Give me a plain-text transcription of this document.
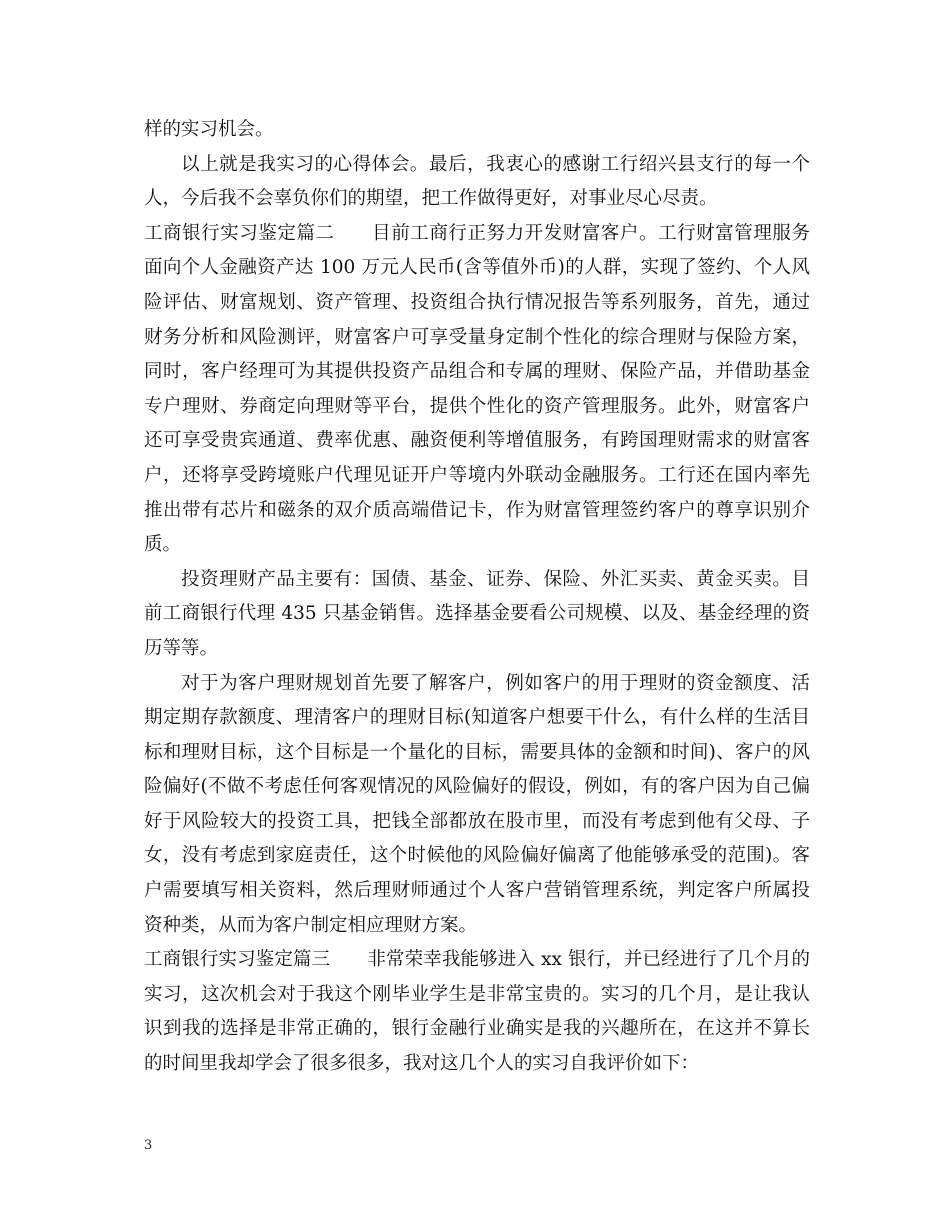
样的实习机会。
以上就是我实习的心得体会。最后，我衷心的感谢工行绍兴县支行的每一个
人，今后我不会辜负你们的期望，把工作做得更好，对事业尽心尽责。
工商银行实习鉴定篇二 目前工商行正努力开发财富客户。工行财富管理服务
面向个人金融资产达 100 万元人民币(含等值外币)的人群，实现了签约、个人风
险评估、财富规划、资产管理、投资组合执行情况报告等系列服务，首先，通过
财务分析和风险测评，财富客户可享受量身定制个性化的综合理财与保险方案，
同时，客户经理可为其提供投资产品组合和专属的理财、保险产品，并借助基金
专户理财、券商定向理财等平台，提供个性化的资产管理服务。此外，财富客户
还可享受贵宾通道、费率优惠、融资便利等增值服务，有跨国理财需求的财富客
户，还将享受跨境账户代理见证开户等境内外联动金融服务。工行还在国内率先
推出带有芯片和磁条的双介质高端借记卡，作为财富管理签约客户的尊享识别介
质。
投资理财产品主要有：国债、基金、证券、保险、外汇买卖、黄金买卖。目
前工商银行代理 435 只基金销售。选择基金要看公司规模、以及、基金经理的资
历等等。
对于为客户理财规划首先要了解客户，例如客户的用于理财的资金额度、活
期定期存款额度、理清客户的理财目标(知道客户想要干什么，有什么样的生活目
标和理财目标，这个目标是一个量化的目标，需要具体的金额和时间)、客户的风
险偏好(不做不考虑任何客观情况的风险偏好的假设，例如，有的客户因为自己偏
好于风险较大的投资工具，把钱全部都放在股市里，而没有考虑到他有父母、子
女，没有考虑到家庭责任，这个时候他的风险偏好偏离了他能够承受的范围)。客
户需要填写相关资料，然后理财师通过个人客户营销管理系统，判定客户所属投
资种类，从而为客户制定相应理财方案。
工商银行实习鉴定篇三 非常荣幸我能够进入 xx 银行，并已经进行了几个月的
实习，这次机会对于我这个刚毕业学生是非常宝贵的。实习的几个月，是让我认
识到我的选择是非常正确的，银行金融行业确实是我的兴趣所在，在这并不算长
的时间里我却学会了很多很多，我对这几个人的实习自我评价如下：
3
